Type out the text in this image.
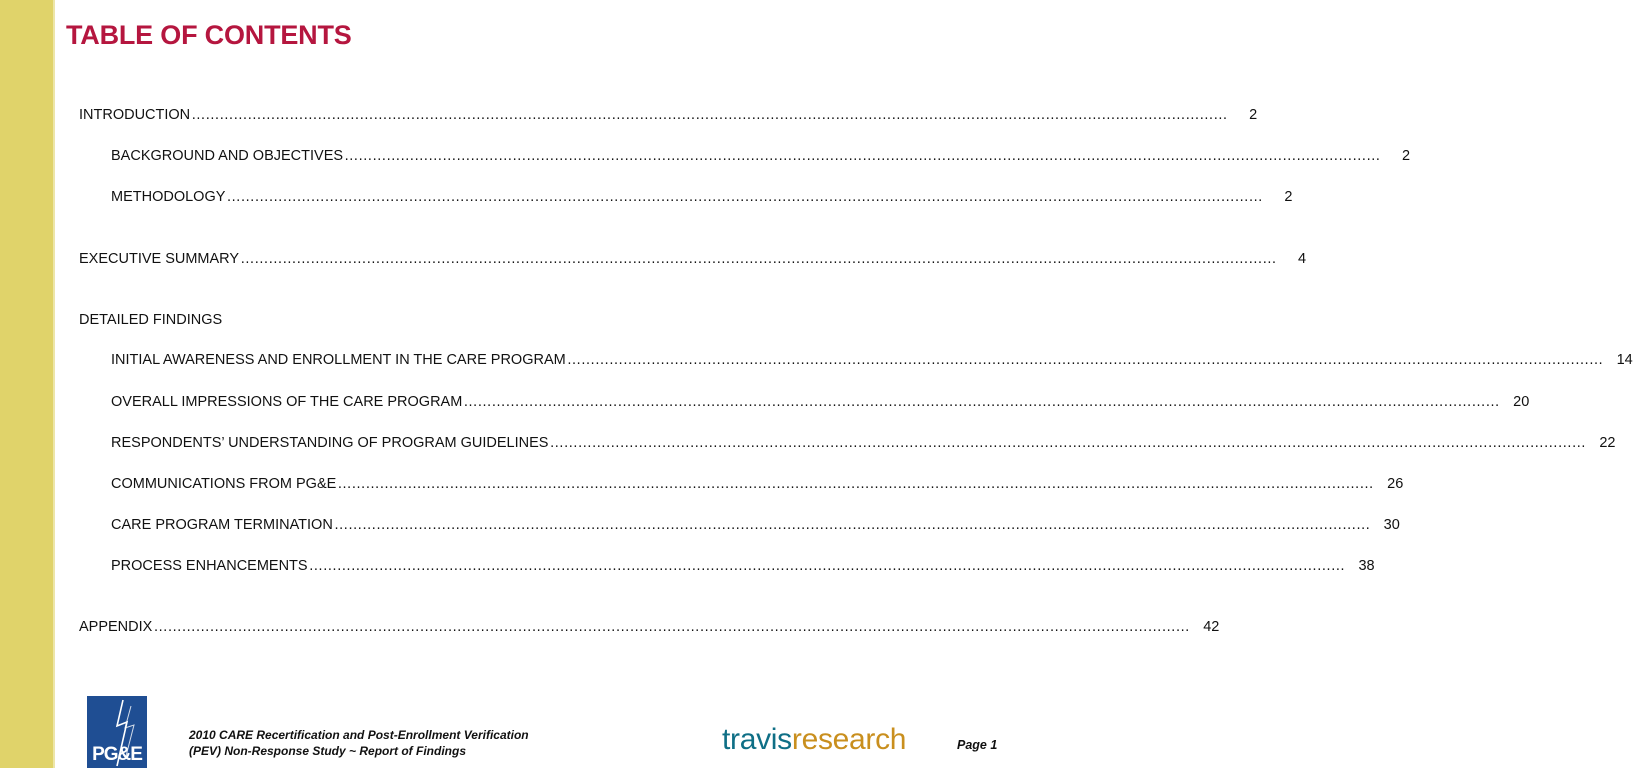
TABLE OF CONTENTS
INTRODUCTION ……………………………………………………………………………………………………………………………………………………………………………………………………	2
BACKGROUND AND OBJECTIVES ……………………………………………………………………………………………………………………………………………………………………………………………………	2
METHODOLOGY ……………………………………………………………………………………………………………………………………………………………………………………………………	2
EXECUTIVE SUMMARY ……………………………………………………………………………………………………………………………………………………………………………………………………	4
DETAILED FINDINGS
INITIAL AWARENESS AND ENROLLMENT IN THE CARE PROGRAM …………………………………………………………………………………………………………………………………………………………………………………………………… 14
OVERALL IMPRESSIONS OF THE CARE PROGRAM …………………………………………………………………………………………………………………………………………………………………………………………………… 20
RESPONDENTS’ UNDERSTANDING OF PROGRAM GUIDELINES …………………………………………………………………………………………………………………………………………………………………………………………………… 22
COMMUNICATIONS FROM PG&E …………………………………………………………………………………………………………………………………………………………………………………………………… 26
CARE PROGRAM TERMINATION …………………………………………………………………………………………………………………………………………………………………………………………………… 30
PROCESS ENHANCEMENTS …………………………………………………………………………………………………………………………………………………………………………………………………… 38
APPENDIX …………………………………………………………………………………………………………………………………………………………………………………………………… 42
PG&E
2010 CARE Recertification and Post-Enrollment Verification
(PEV) Non-Response Study ~ Report of Findings	travisresearch	Page 1
